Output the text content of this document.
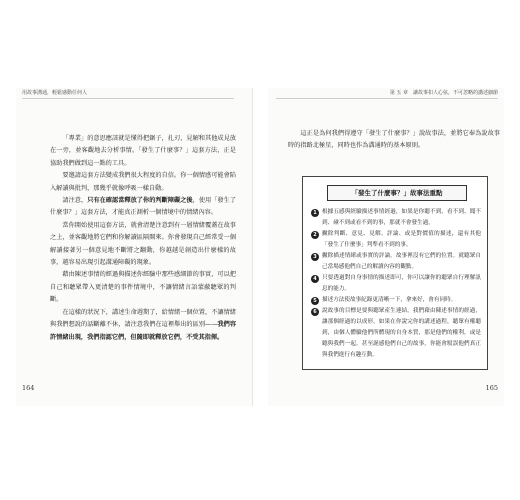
用故事溝通，輕鬆感動任何人

「專業」的意思應該就是懂得把鋸子，扎刃，見解和其他成見放在一旁，並客觀地去分析事情。「發生了什麼事？」這套方法，正是協助我們做到這一點的工具。

要邀請這套方法變成我們很大程度的自信。你一個情感可能會陷入解讀與批判，那幾乎就像呼吸一樣自動。

請注意，只有在確認當釋放了你的判斷障礙之後，使用「發生了什麼事？」這套方法，才能真正測析一個情境中的情緒內容。

當你開始使用這套方法，就會清楚注意到有一層情緒覆蓋在故事之上，並客觀地將它們和你解讀區隔開來。你會發現自己經常受一個解讀接著另一個意見地不斷將之翻動，你越越是創造出什麼樣的故事，越容易出現引起溝通障礙的現象。

藉由陳述事情的經過與描述你經驗中那些感細節的事實，可以把自己和聽眾帶入更清楚的事件情境中，不讓情緒言語蒙蔽聽眾的判斷。

在這樣的狀況下，講述生命週期了，給情緒一個位置，不讓情緒與我們想說的話斷離不休，請注意我們在這裡舉出的區別——我們容許情緒出現，我們指認它們，但隨即就釋放它們，不受其指揮。

164
第 五 章　讓故事扣人心弦，不可忽略的講述細節

這正是為何我們得遵守「發生了什麼事？」說故事法，並將它奉為說故事時的指路北極星，同時也作為溝通時的基本原則。

「發生了什麼事？」故事法重點
1 根據五感與經驗描述事情經過，如果是你聽不到、看不到、聞不到、碰不到或看不到的事，那就不會發生過。
2 撇除判斷、意見、見解、評論、或是對價值的描述，還有其他「發生了什麼事」判準看不到的事。
3 撇除描述情緒或事實的評論。故事裡沒有它們的位置。就聽眾自己當場感他們自己的解讀內容的觀點。
4 只要透過對自身事情的描述即可，你可以讓你的聽眾自行理解訊息的能力。
5 描述方法使故事紀錄更清晰一下，拿來好，會有同時。
6 說故事的目標是要與聽眾產生連結。我們藉由陳述事情的經過，讓那個經過的以成形，如果在你說完你的講述過程，聽眾有權聽到，由個人體驗他們所體現的自身本質，那是他們的權利，或是聽與我們一起。甚至誕感他們自己的故事，你能會駁誤他們真正與我們進行有趣互動。
165
